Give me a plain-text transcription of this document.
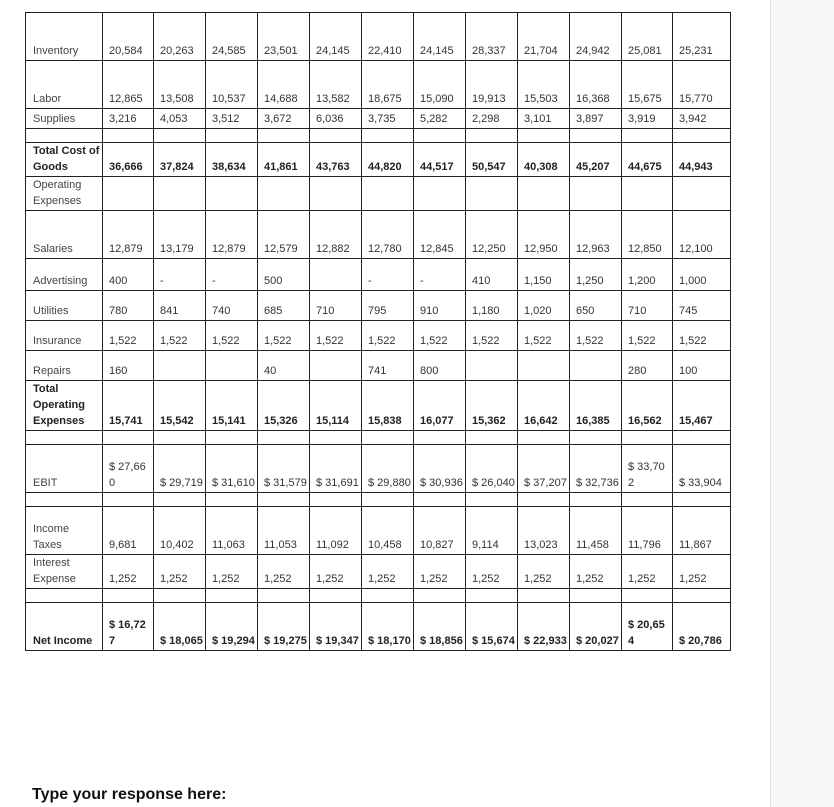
Inventory	20,584	20,263	24,585	23,501	24,145	22,410	24,145	28,337	21,704	24,942	25,081	25,231
Labor	12,865	13,508	10,537	14,688	13,582	18,675	15,090	19,913	15,503	16,368	15,675	15,770
Supplies	3,216	4,053	3,512	3,672	6,036	3,735	5,282	2,298	3,101	3,897	3,919	3,942

Total Cost of Goods	36,666	37,824	38,634	41,861	43,763	44,820	44,517	50,547	40,308	45,207	44,675	44,943
Operating Expenses												
Salaries	12,879	13,179	12,879	12,579	12,882	12,780	12,845	12,250	12,950	12,963	12,850	12,100
Advertising	400	-	-	500		-	-	410	1,150	1,250	1,200	1,000
Utilities	780	841	740	685	710	795	910	1,180	1,020	650	710	745
Insurance	1,522	1,522	1,522	1,522	1,522	1,522	1,522	1,522	1,522	1,522	1,522	1,522
Repairs	160			40		741	800				280	100
Total Operating Expenses	15,741	15,542	15,141	15,326	15,114	15,838	16,077	15,362	16,642	16,385	16,562	15,467

EBIT	$ 27,660	$ 29,719	$ 31,610	$ 31,579	$ 31,691	$ 29,880	$ 30,936	$ 26,040	$ 37,207	$ 32,736	$ 33,702	$ 33,904

Income Taxes	9,681	10,402	11,063	11,053	11,092	10,458	10,827	9,114	13,023	11,458	11,796	11,867
Interest Expense	1,252	1,252	1,252	1,252	1,252	1,252	1,252	1,252	1,252	1,252	1,252	1,252

Net Income	$ 16,727	$ 18,065	$ 19,294	$ 19,275	$ 19,347	$ 18,170	$ 18,856	$ 15,674	$ 22,933	$ 20,027	$ 20,654	$ 20,786
Type your response here:
